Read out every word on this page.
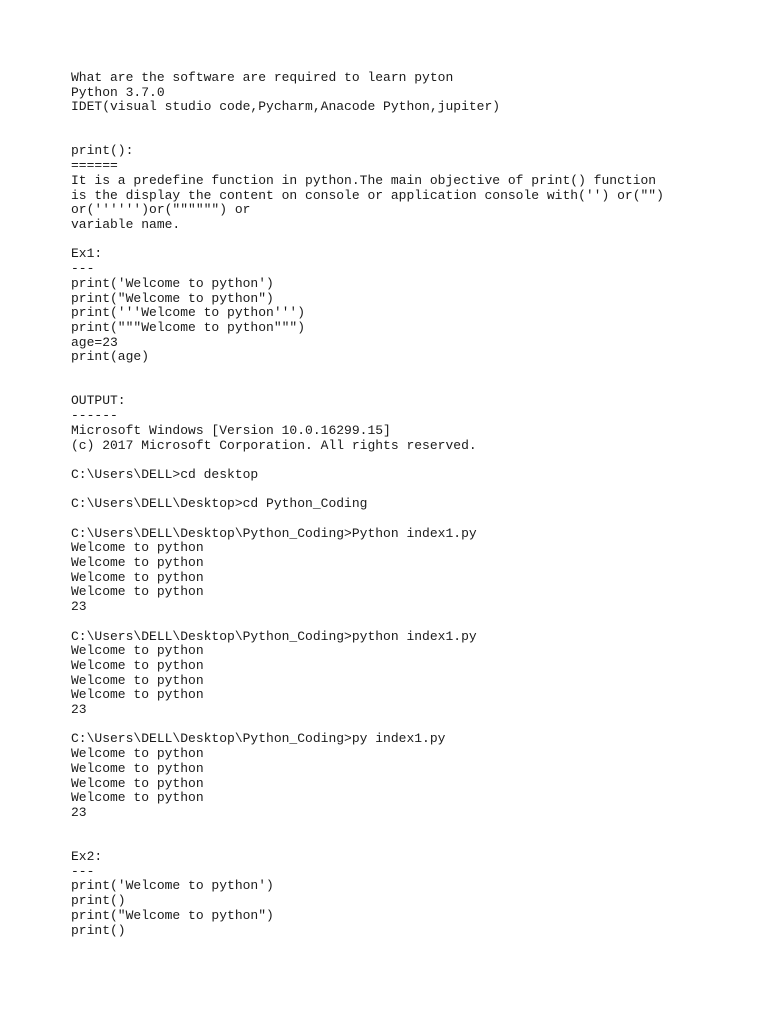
What are the software are required to learn pyton
Python 3.7.0
IDET(visual studio code,Pycharm,Anacode Python,jupiter)
print():
======
It is a predefine function in python.The main objective of print() function
is the display the content on console or application console with('') or("")
or('''''')or("""""") or
variable name.
Ex1:
---
print('Welcome to python')
print("Welcome to python")
print('''Welcome to python''')
print("""Welcome to python""")
age=23
print(age)
OUTPUT:
------
Microsoft Windows [Version 10.0.16299.15]
(c) 2017 Microsoft Corporation. All rights reserved.
C:\Users\DELL>cd desktop
C:\Users\DELL\Desktop>cd Python_Coding
C:\Users\DELL\Desktop\Python_Coding>Python index1.py
Welcome to python
Welcome to python
Welcome to python
Welcome to python
23
C:\Users\DELL\Desktop\Python_Coding>python index1.py
Welcome to python
Welcome to python
Welcome to python
Welcome to python
23
C:\Users\DELL\Desktop\Python_Coding>py index1.py
Welcome to python
Welcome to python
Welcome to python
Welcome to python
23
Ex2:
---
print('Welcome to python')
print()
print("Welcome to python")
print()
